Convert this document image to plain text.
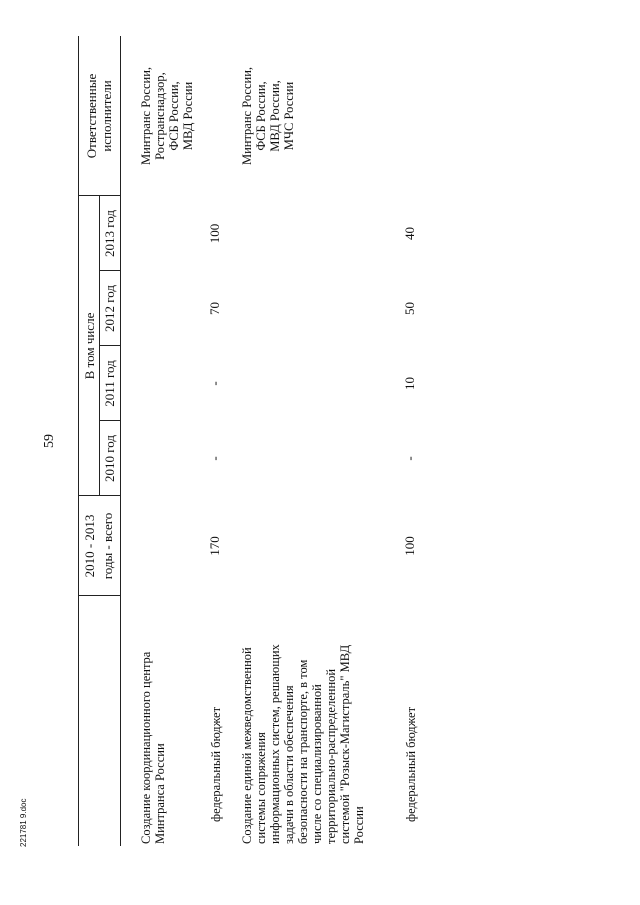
59
2010 - 2013 годы - всего
В том числе
2010 год
2011 год
2012 год
2013 год
Ответственные
исполнители
Создание координационного центра
Минтранса России
Минтранс России,
Ространснадзор,
ФСБ России,
МВД России
федеральный бюджет
170
-
-
70
100
Создание единой межведомственной
системы сопряжения
информационных систем, решающих
задачи в области обеспечения
безопасности на транспорте, в том
числе со специализированной
территориально-распределенной
системой "Розыск-Магистраль" МВД
России
Минтранс России,
ФСБ России,
МВД России,
МЧС России
федеральный бюджет
100
-
10
50
40
221781 9.doc
